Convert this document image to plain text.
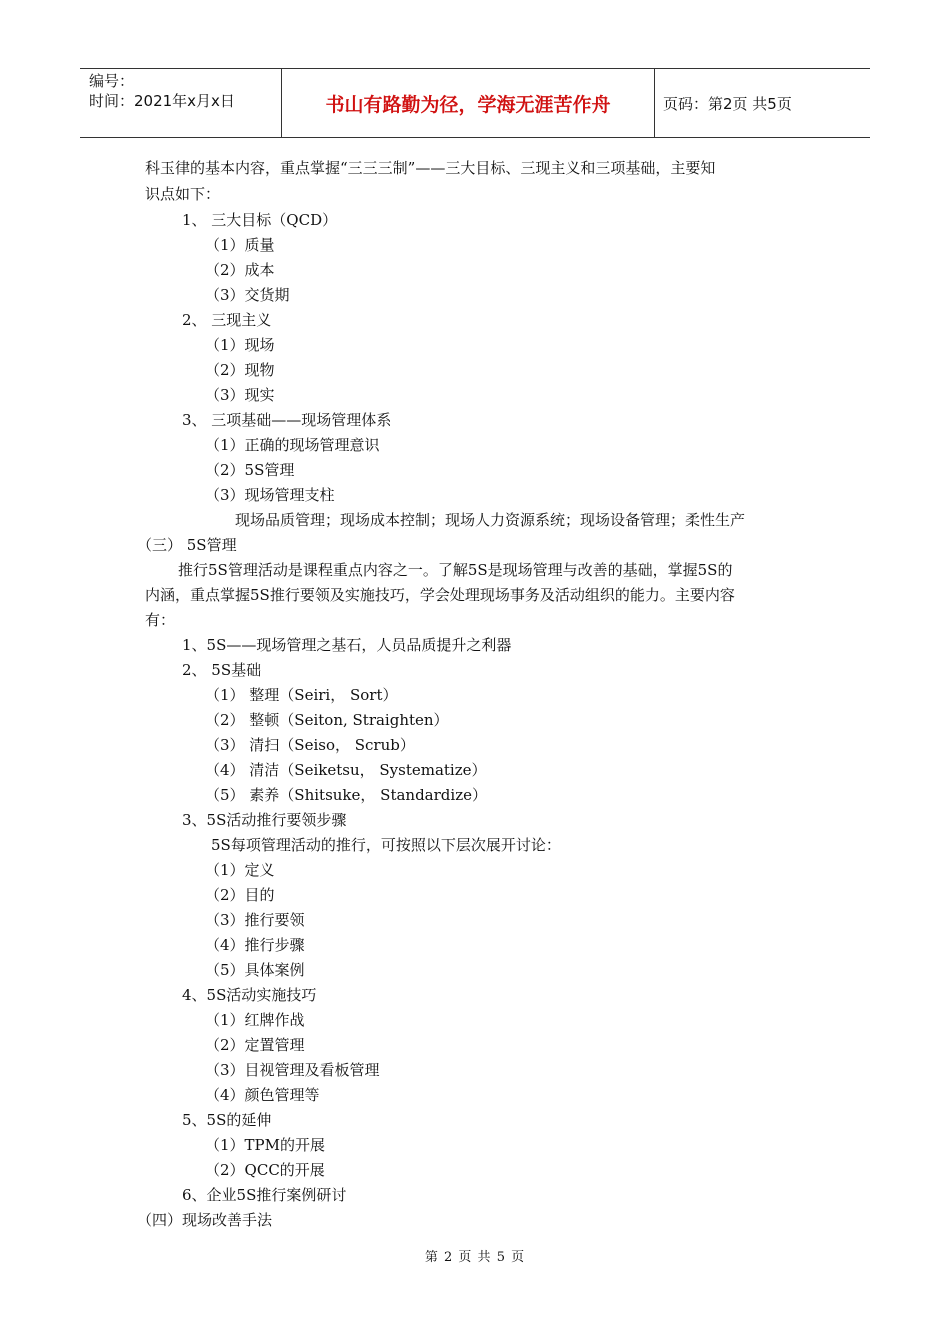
编号：
时间：2021年x月x日	书山有路勤为径，学海无涯苦作舟	页码：第2页 共5页
科玉律的基本内容，重点掌握“三三三制”——三大目标、三现主义和三项基础，主要知
识点如下：
1、 三大目标（QCD）
（1）质量
（2）成本
（3）交货期
2、 三现主义
（1）现场
（2）现物
（3）现实
3、 三项基础——现场管理体系
（1）正确的现场管理意识
（2）5S管理
（3）现场管理支柱
现场品质管理；现场成本控制；现场人力资源系统；现场设备管理；柔性生产
（三） 5S管理
推行5S管理活动是课程重点内容之一。了解5S是现场管理与改善的基础，掌握5S的
内涵，重点掌握5S推行要领及实施技巧，学会处理现场事务及活动组织的能力。主要内容
有：
1、5S——现场管理之基石，人员品质提升之利器
2、 5S基础
（1） 整理（Seiri， Sort）
（2） 整顿（Seiton, Straighten）
（3） 清扫（Seiso， Scrub）
（4） 清洁（Seiketsu， Systematize）
（5） 素养（Shitsuke， Standardize）
3、5S活动推行要领步骤
5S每项管理活动的推行，可按照以下层次展开讨论：
（1）定义
（2）目的
（3）推行要领
（4）推行步骤
（5）具体案例
4、5S活动实施技巧
（1）红牌作战
（2）定置管理
（3）目视管理及看板管理
（4）颜色管理等
5、5S的延伸
（1）TPM的开展
（2）QCC的开展
6、企业5S推行案例研讨
（四）现场改善手法
第 2 页 共 5 页
